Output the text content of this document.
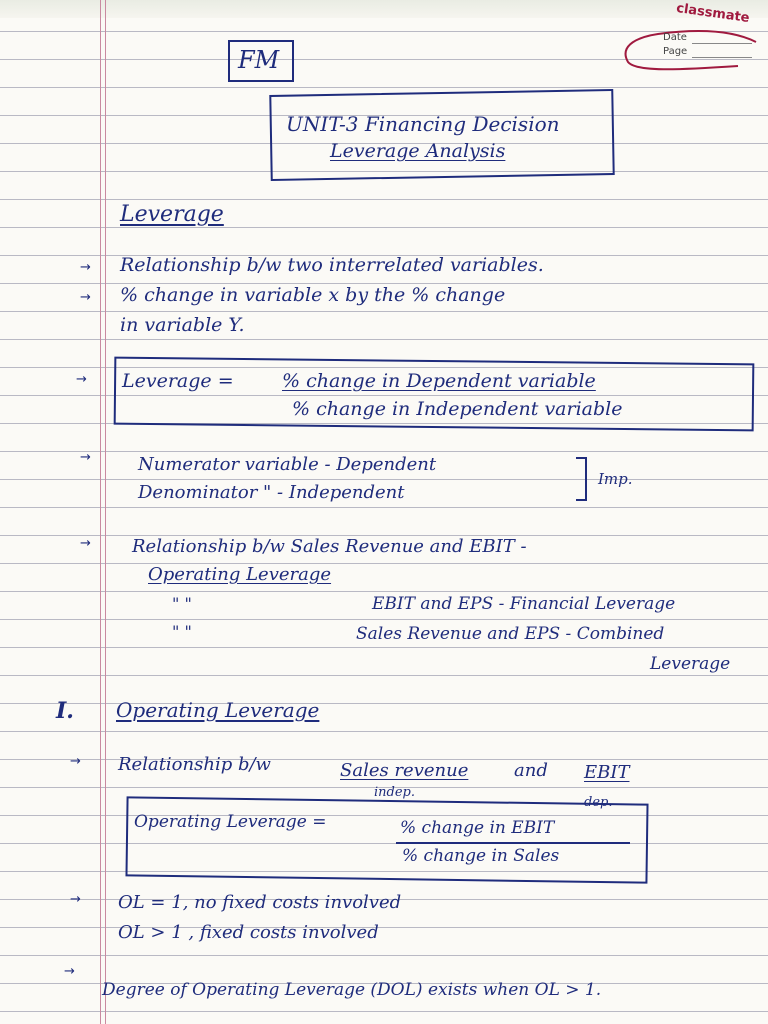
classmate
Date
Page
FM
UNIT-3 Financing Decision
Leverage Analysis
Leverage
→ Relationship b/w two interrelated variables.
→ % change in variable x by the % change
in variable Y.
→ Leverage =	% change in Dependent variable
% change in Independent variable
→	Numerator variable - Dependent
Denominator " - Independent
Imp.
→ Relationship b/w Sales Revenue and EBIT -
Operating Leverage
" "	EBIT and EPS - Financial Leverage
" "	Sales Revenue and EPS - Combined
Leverage
I. Operating Leverage
→ Relationship b/w	Sales revenue	and EBIT
indep.
dep.
Operating Leverage =	% change in EBIT
% change in Sales
→ OL = 1, no fixed costs involved
OL > 1 , fixed costs involved
→
Degree of Operating Leverage (DOL) exists when OL > 1.
